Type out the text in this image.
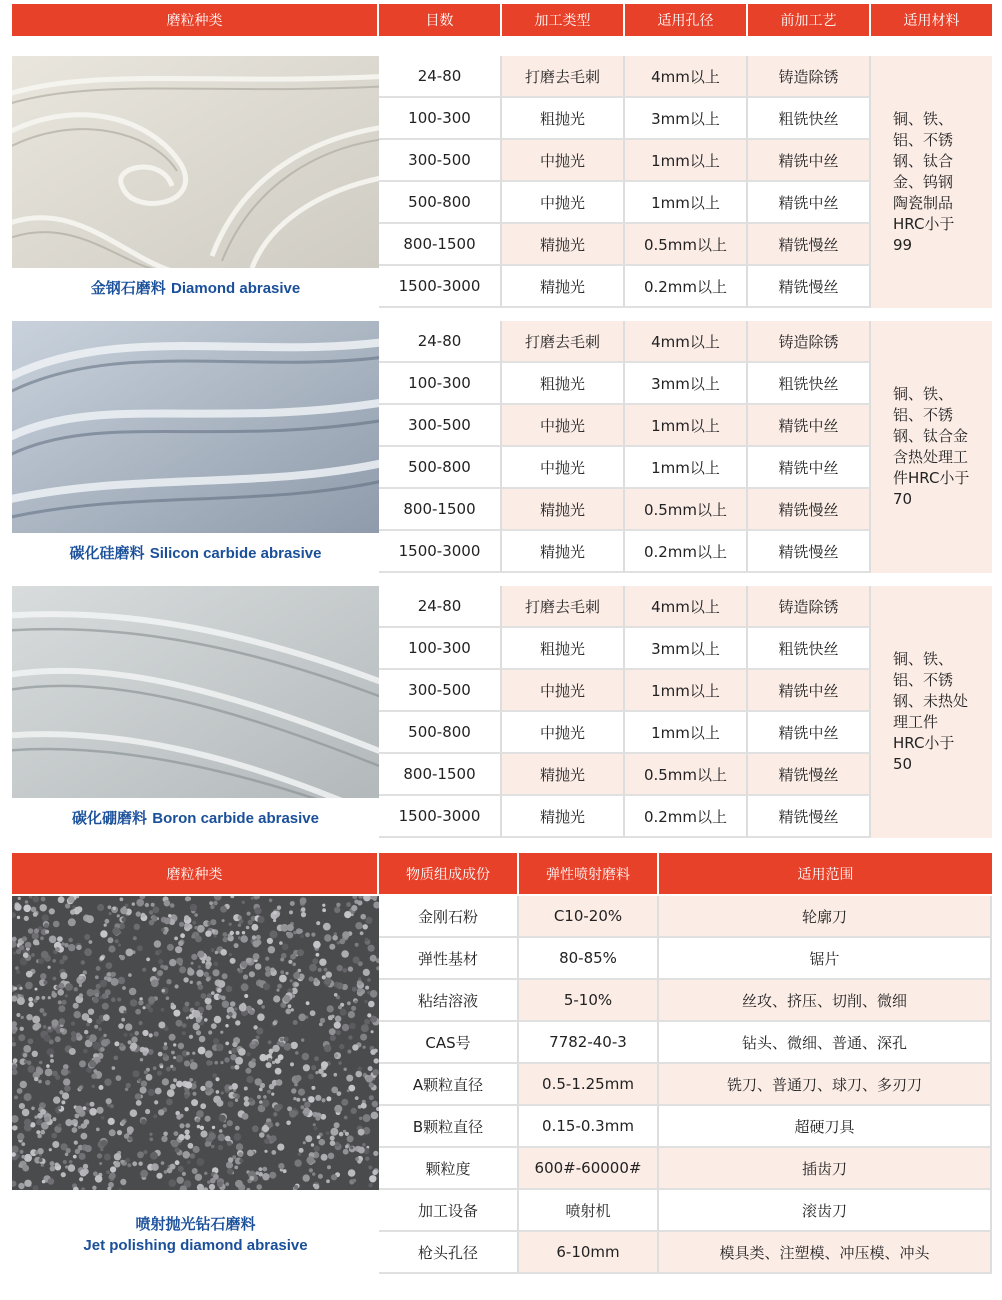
磨粒种类	目数	加工类型	适用孔径	前加工艺	适用材料
金钢石磨料 Diamond abrasive
24-80	打磨去毛刺	4mm以上	铸造除锈
100-300	粗抛光	3mm以上	粗铣快丝
300-500	中抛光	1mm以上	精铣中丝
500-800	中抛光	1mm以上	精铣中丝
800-1500	精抛光	0.5mm以上	精铣慢丝
1500-3000	精抛光	0.2mm以上	精铣慢丝
铜、铁、
铝、不锈
钢、钛合
金、钨钢
陶瓷制品
HRC小于
99
碳化硅磨料 Silicon carbide abrasive
24-80	打磨去毛刺	4mm以上	铸造除锈
100-300	粗抛光	3mm以上	粗铣快丝
300-500	中抛光	1mm以上	精铣中丝
500-800	中抛光	1mm以上	精铣中丝
800-1500	精抛光	0.5mm以上	精铣慢丝
1500-3000	精抛光	0.2mm以上	精铣慢丝
铜、铁、
铝、不锈
钢、钛合金
含热处理工
件HRC小于
70
碳化硼磨料 Boron carbide abrasive
24-80	打磨去毛刺	4mm以上	铸造除锈
100-300	粗抛光	3mm以上	粗铣快丝
300-500	中抛光	1mm以上	精铣中丝
500-800	中抛光	1mm以上	精铣中丝
800-1500	精抛光	0.5mm以上	精铣慢丝
1500-3000	精抛光	0.2mm以上	精铣慢丝
铜、铁、
铝、不锈
钢、未热处
理工件
HRC小于
50
磨粒种类	物质组成成份	弹性喷射磨料	适用范围
喷射抛光钻石磨料
Jet polishing diamond abrasive
金刚石粉	C10-20%	轮廓刀
弹性基材	80-85%	锯片
粘结溶液	5-10%	丝攻、挤压、切削、微细
CAS号	7782-40-3	钻头、微细、普通、深孔
A颗粒直径	0.5-1.25mm	铣刀、普通刀、球刀、多刃刀
B颗粒直径	0.15-0.3mm	超硬刀具
颗粒度	600#-60000#	插齿刀
加工设备	喷射机	滚齿刀
枪头孔径	6-10mm	模具类、注塑模、冲压模、冲头
